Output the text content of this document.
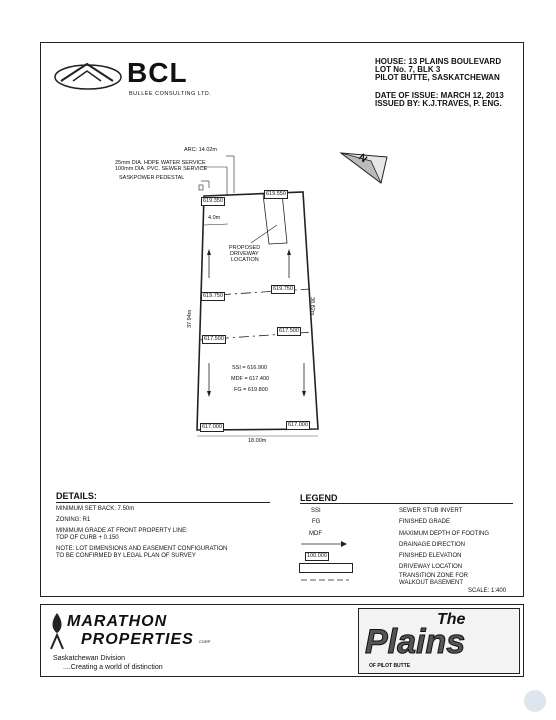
BCL
BULLÉE CONSULTING LTD.
HOUSE: 13 PLAINS BOULEVARD
LOT No. 7, BLK 3
PILOT BUTTE, SASKATCHEWAN
DATE OF ISSUE: MARCH 12, 2013
ISSUED BY: K.J.TRAVES, P. ENG.
N
ARC: 14.02m
25mm DIA. HDPE WATER SERVICE
100mm DIA. PVC. SEWER SERVICE
SASKPOWER PEDESTAL
4.0m
PROPOSED
DRIVEWAY
LOCATION
619.350
619.550
619.750
619.750
617.500
617.500
617.000	617.000
37.94m
38.82m
18.00m
SSI = 616.900
MDF = 617.400
FG = 619.800
DETAILS:
MINIMUM SET BACK: 7.50m
ZONING: R1
MINIMUM GRADE AT FRONT PROPERTY LINE:
TOP OF CURB + 0.150
NOTE: LOT DIMENSIONS AND EASEMENT CONFIGURATION
TO BE CONFIRMED BY LEGAL PLAN OF SURVEY
LEGEND
SSI	SEWER STUB INVERT
FG	FINISHED GRADE
MDF	MAXIMUM DEPTH OF FOOTING
DRAINAGE DIRECTION
100.000	FINISHED ELEVATION
DRIVEWAY LOCATION
TRANSITION ZONE FOR WALKOUT BASEMENT
SCALE: 1:400
MARATHON
PROPERTIES CORP
Saskatchewan Division
....Creating a world of distinction
The
Plains
OF PILOT BUTTE
